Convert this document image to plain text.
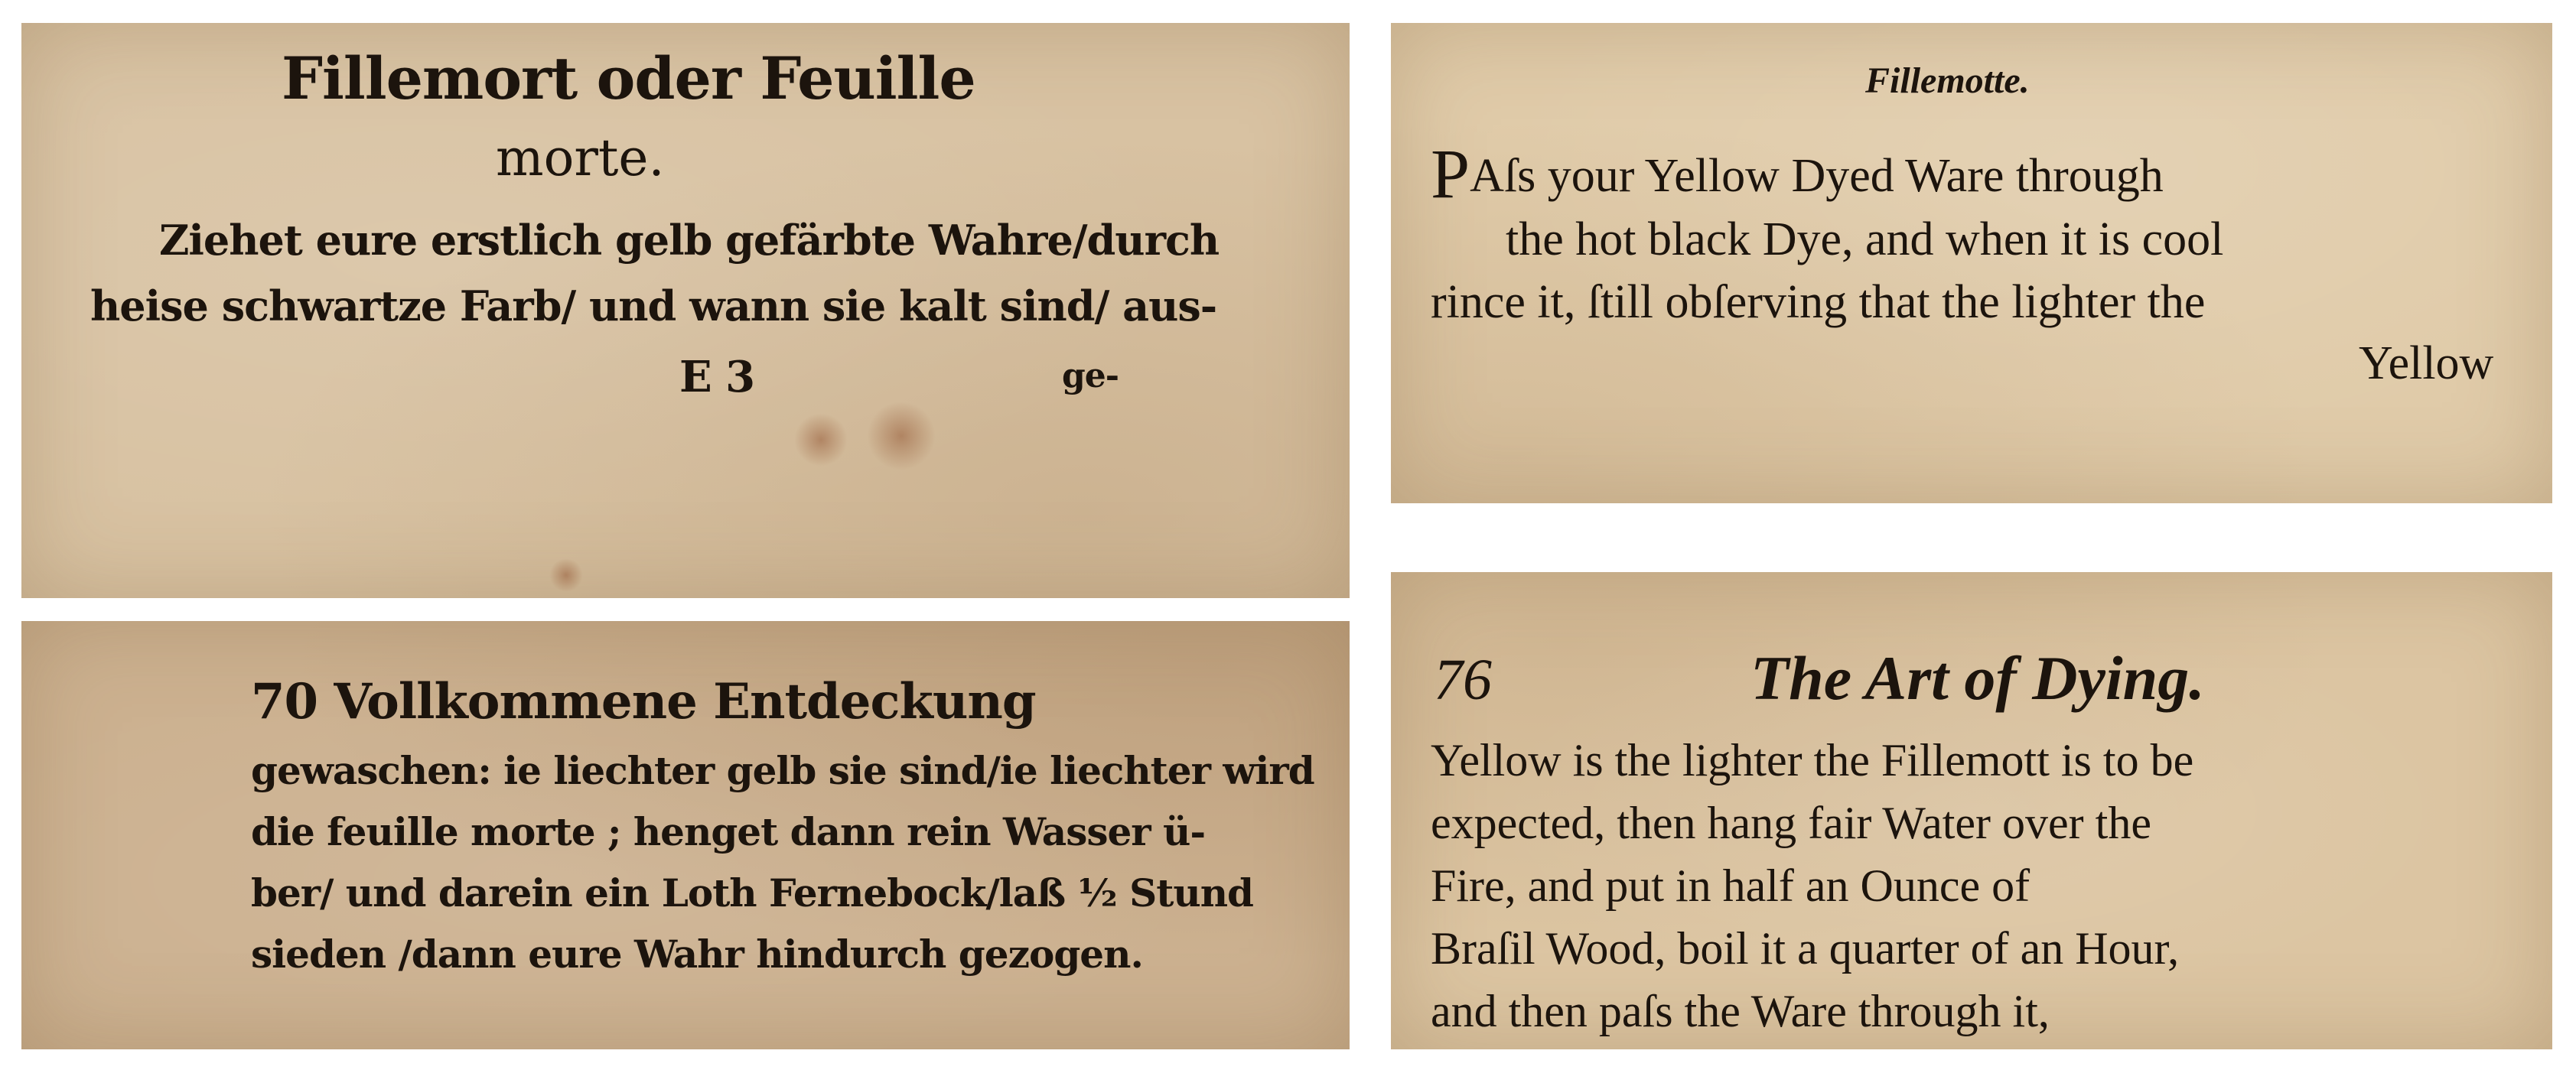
Fillemort oder Feuille
morte.
Ziehet eure erstlich gelb gefärbte Wahre/durch
heise schwartze Farb/ und wann sie kalt sind/ aus-
E 3	ge-
70 Vollkommene Entdeckung
gewaschen: ie liechter gelb sie sind/ie liechter wird
die feuille morte ; henget dann rein Wasser ü-
ber/ und darein ein Loth Fernebock/laß ½ Stund
sieden /dann eure Wahr hindurch gezogen.
Fillemotte.
PAſs your Yellow Dyed Ware through
the hot black Dye, and when it is cool
rince it, ſtill obſerving that the lighter the
Yellow
76	The Art of Dying.
Yellow is the lighter the Fillemott is to be
expected, then hang fair Water over the
Fire, and put in half an Ounce of
Braſil Wood, boil it a quarter of an Hour,
and then paſs the Ware through it,
